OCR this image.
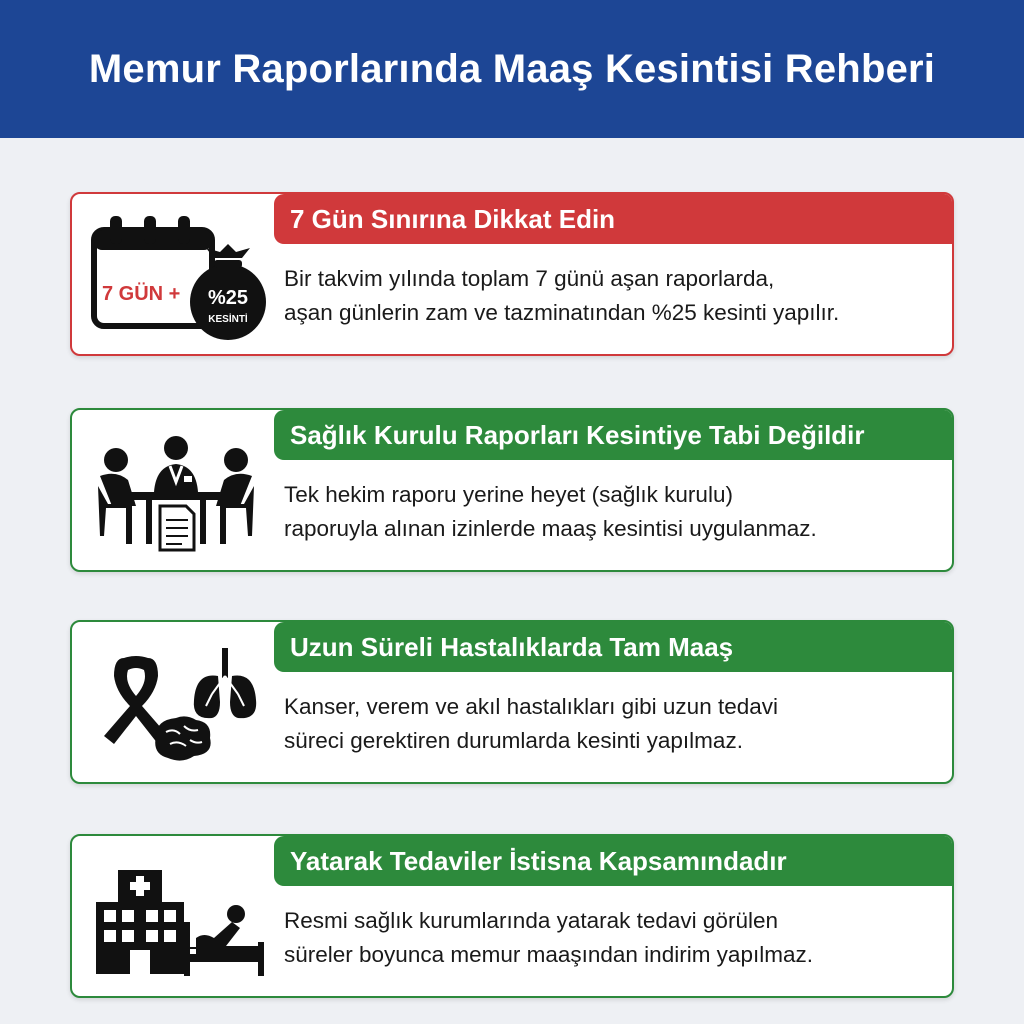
Memur Raporlarında Maaş Kesintisi Rehberi
7 GÜN + %25
KESİNTİ
7 Gün Sınırına Dikkat Edin
Bir takvim yılında toplam 7 günü aşan raporlarda,
aşan günlerin zam ve tazminatından %25 kesinti yapılır.
Sağlık Kurulu Raporları Kesintiye Tabi Değildir
Tek hekim raporu yerine heyet (sağlık kurulu)
raporuyla alınan izinlerde maaş kesintisi uygulanmaz.
Uzun Süreli Hastalıklarda Tam Maaş
Kanser, verem ve akıl hastalıkları gibi uzun tedavi
süreci gerektiren durumlarda kesinti yapılmaz.
Yatarak Tedaviler İstisna Kapsamındadır
Resmi sağlık kurumlarında yatarak tedavi görülen
süreler boyunca memur maaşından indirim yapılmaz.
